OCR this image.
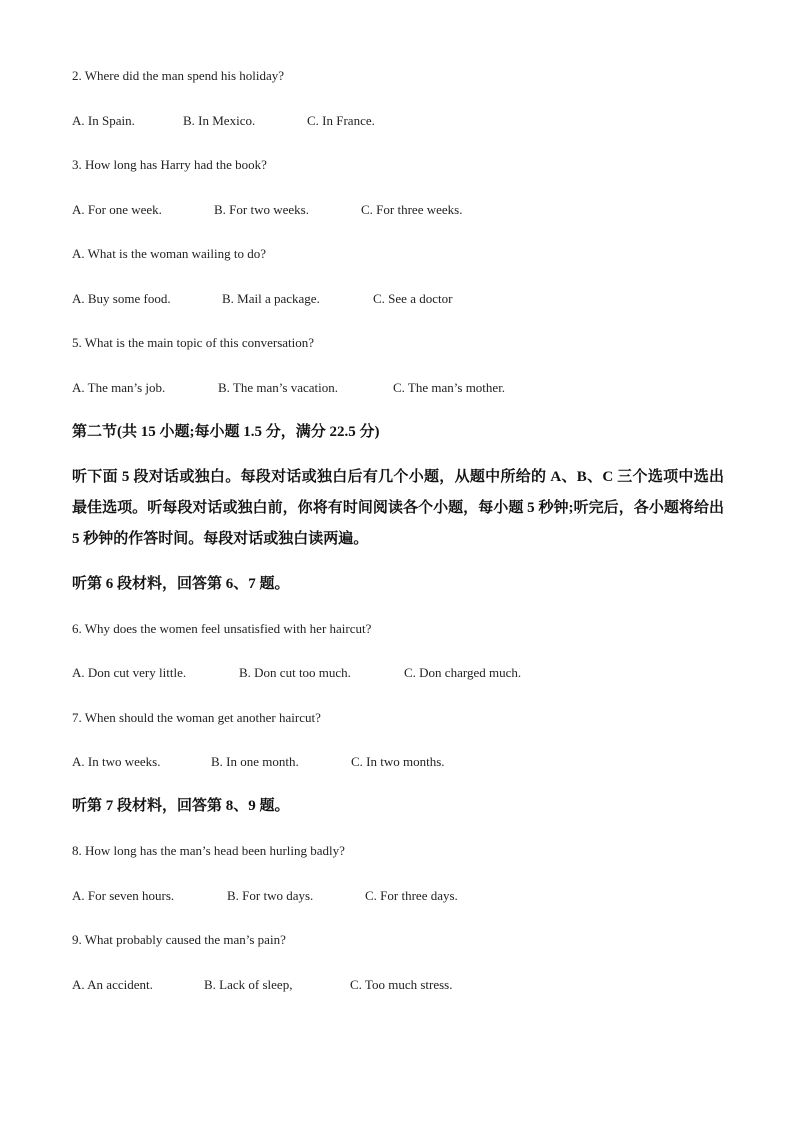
2. Where did the man spend his holiday?
A. In Spain.	B. In Mexico.	C. In France.
3. How long has Harry had the book?
A. For one week.	B. For two weeks.	C. For three weeks.
A. What is the woman wailing to do?
A. Buy some food.	B. Mail a package.	C. See a doctor
5. What is the main topic of this conversation?
A. The man’s job.	B. The man’s vacation.	C. The man’s mother.
第二节(共 15 小题;每小题 1.5 分，满分 22.5 分)
听下面 5 段对话或独白。每段对话或独白后有几个小题，从题中所给的 A、B、C 三个选项中选出最佳选项。听每段对话或独白前，你将有时间阅读各个小题，每小题 5 秒钟;听完后，各小题将给出 5 秒钟的作答时间。每段对话或独白读两遍。
听第 6 段材料，回答第 6、7 题。
6. Why does the women feel unsatisfied with her haircut?
A. Don cut very little.	B. Don cut too much.	C. Don charged much.
7. When should the woman get another haircut?
A. In two weeks.	B. In one month.	C. In two months.
听第 7 段材料，回答第 8、9 题。
8. How long has the man’s head been hurling badly?
A. For seven hours.	B. For two days.	C. For three days.
9. What probably caused the man’s pain?
A. An accident.	B. Lack of sleep,	C. Too much stress.
